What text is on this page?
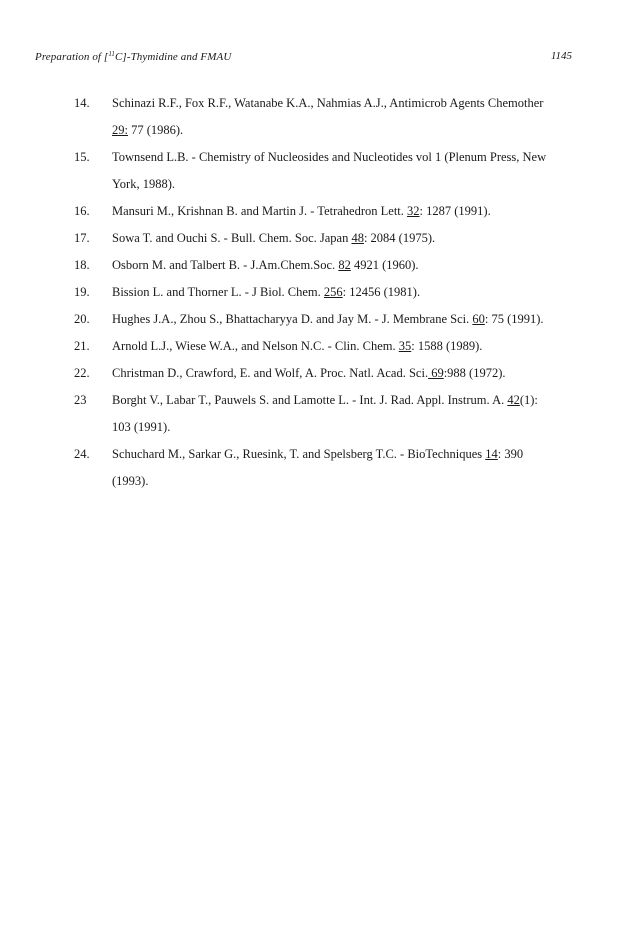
Preparation of [$^{11}$C]-Thymidine and FMAU	1145
14. Schinazi R.F., Fox R.F., Watanabe K.A., Nahmias A.J., Antimicrob Agents Chemother
29: 77 (1986).
15. Townsend L.B. - Chemistry of Nucleosides and Nucleotides vol 1 (Plenum Press, New
York, 1988).
16. Mansuri M., Krishnan B. and Martin J. - Tetrahedron Lett. 32: 1287 (1991).
17. Sowa T. and Ouchi S. - Bull. Chem. Soc. Japan 48: 2084 (1975).
18. Osborn M. and Talbert B. - J.Am.Chem.Soc. 82 4921 (1960).
19. Bission L. and Thorner L. - J Biol. Chem. 256: 12456 (1981).
20. Hughes J.A., Zhou S., Bhattacharyya D. and Jay M. - J. Membrane Sci. 60: 75 (1991).
21. Arnold L.J., Wiese W.A., and Nelson N.C. - Clin. Chem. 35: 1588 (1989).
22. Christman D., Crawford, E. and Wolf, A. Proc. Natl. Acad. Sci. 69:988 (1972).
23 Borght V., Labar T., Pauwels S. and Lamotte L. - Int. J. Rad. Appl. Instrum. A. 42(1):
103 (1991).
24. Schuchard M., Sarkar G., Ruesink, T. and Spelsberg T.C. - BioTechniques 14: 390
(1993).
